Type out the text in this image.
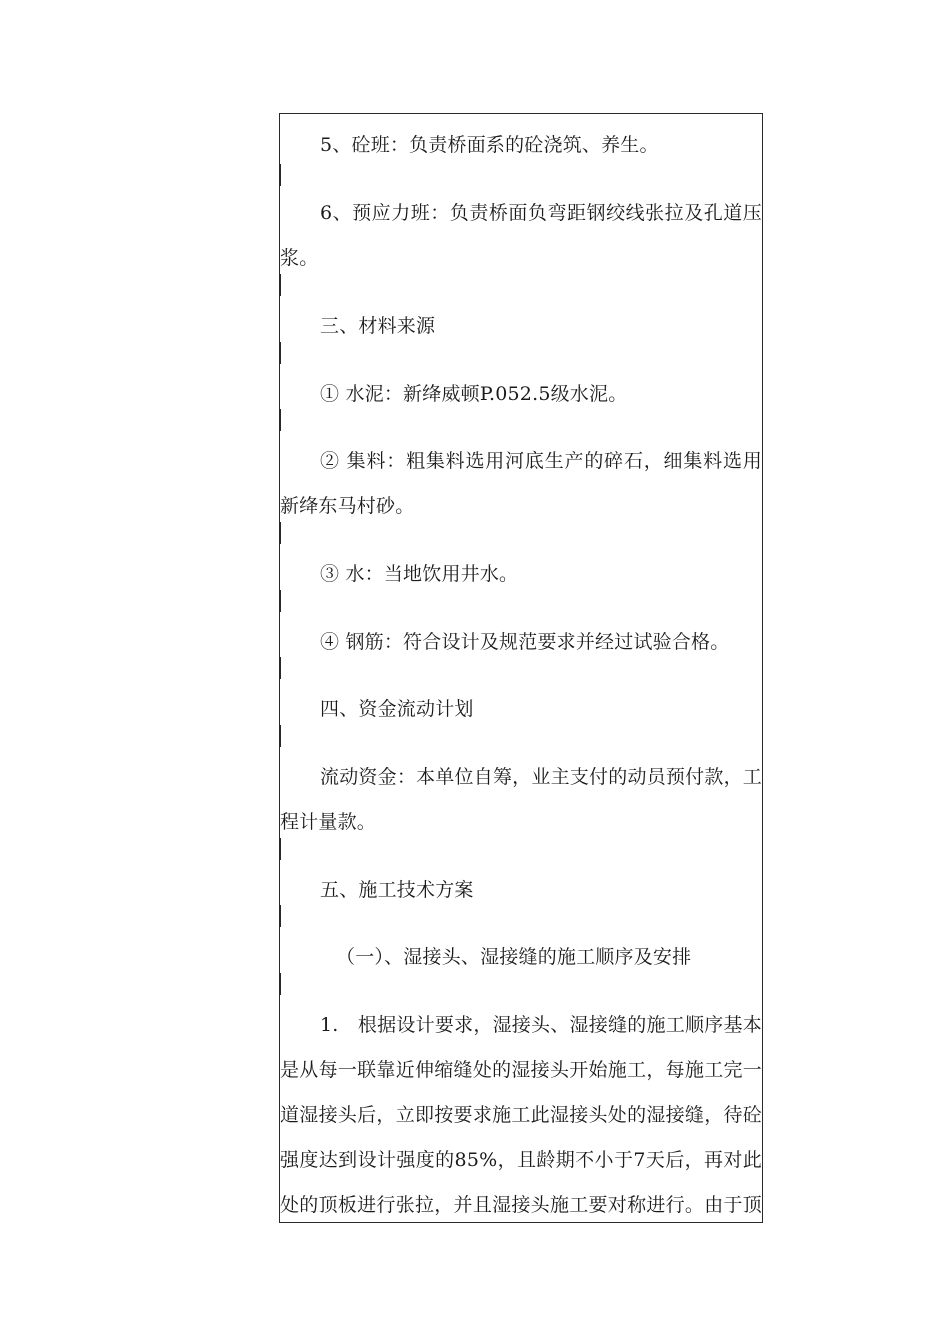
5、砼班：负责桥面系的砼浇筑、养生。
6、预应力班：负责桥面负弯距钢绞线张拉及孔道压
浆。
三、材料来源
① 水泥：新绛威顿P.052.5级水泥。
② 集料：粗集料选用河底生产的碎石，细集料选用
新绛东马村砂。
③ 水：当地饮用井水。
④ 钢筋：符合设计及规范要求并经过试验合格。
四、资金流动计划
流动资金：本单位自筹，业主支付的动员预付款，工
程计量款。
五、施工技术方案
（一）、湿接头、湿接缝的施工顺序及安排
1.　根据设计要求，湿接头、湿接缝的施工顺序基本
是从每一联靠近伸缩缝处的湿接头开始施工，每施工完一
道湿接头后，立即按要求施工此湿接头处的湿接缝，待砼
强度达到设计强度的85%，且龄期不小于7天后，再对此
处的顶板进行张拉，并且湿接头施工要对称进行。由于顶
